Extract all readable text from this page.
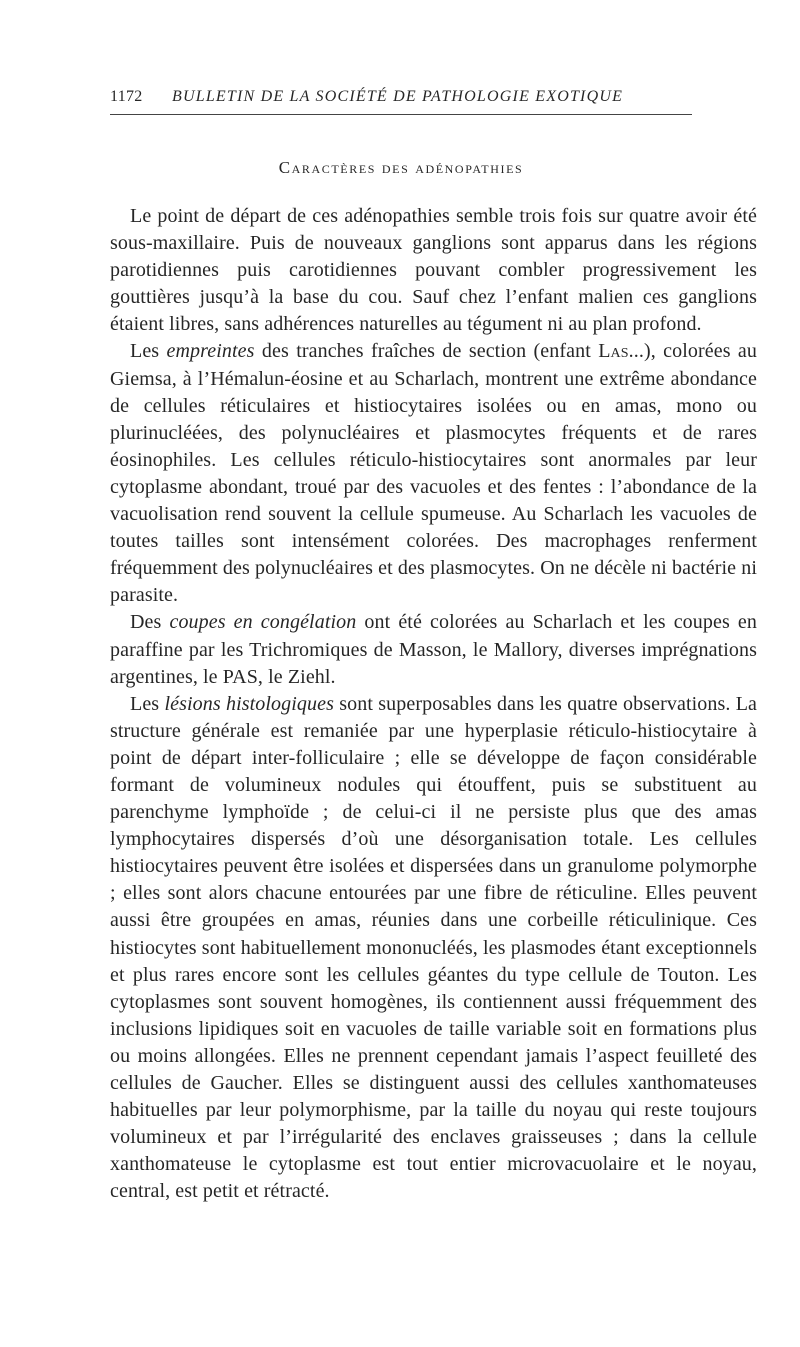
1172 BULLETIN DE LA SOCIÉTÉ DE PATHOLOGIE EXOTIQUE
Caractères des adénopathies

Le point de départ de ces adénopathies semble trois fois sur quatre avoir été sous-maxillaire. Puis de nouveaux ganglions sont apparus dans les régions parotidiennes puis carotidiennes pouvant combler progressivement les gouttières jusqu’à la base du cou. Sauf chez l’enfant malien ces ganglions étaient libres, sans adhérences naturelles au tégument ni au plan profond.

Les empreintes des tranches fraîches de section (enfant Las...), colorées au Giemsa, à l’Hémalun-éosine et au Scharlach, montrent une extrême abondance de cellules réticulaires et histiocytaires isolées ou en amas, mono ou plurinucléées, des polynucléaires et plasmocytes fréquents et de rares éosinophiles. Les cellules réticulo-histiocytaires sont anormales par leur cytoplasme abondant, troué par des vacuoles et des fentes : l’abondance de la vacuolisation rend souvent la cellule spumeuse. Au Scharlach les vacuoles de toutes tailles sont intensément colorées. Des macrophages renferment fréquemment des polynucléaires et des plasmocytes. On ne décèle ni bactérie ni parasite.

Des coupes en congélation ont été colorées au Scharlach et les coupes en paraffine par les Trichromiques de Masson, le Mallory, diverses imprégnations argentines, le PAS, le Ziehl.

Les lésions histologiques sont superposables dans les quatre observations. La structure générale est remaniée par une hyperplasie réticulo-histiocytaire à point de départ inter-folliculaire ; elle se développe de façon considérable formant de volumineux nodules qui étouffent, puis se substituent au parenchyme lymphoïde ; de celui-ci il ne persiste plus que des amas lymphocytaires dispersés d’où une désorganisation totale. Les cellules histiocytaires peuvent être isolées et dispersées dans un granulome polymorphe ; elles sont alors chacune entourées par une fibre de réticuline. Elles peuvent aussi être groupées en amas, réunies dans une corbeille réticulinique. Ces histiocytes sont habituellement mononucléés, les plasmodes étant exceptionnels et plus rares encore sont les cellules géantes du type cellule de Touton. Les cytoplasmes sont souvent homogènes, ils contiennent aussi fréquemment des inclusions lipidiques soit en vacuoles de taille variable soit en formations plus ou moins allongées. Elles ne prennent cependant jamais l’aspect feuilleté des cellules de Gaucher. Elles se distinguent aussi des cellules xanthomateuses habituelles par leur polymorphisme, par la taille du noyau qui reste toujours volumineux et par l’irrégularité des enclaves graisseuses ; dans la cellule xanthomateuse le cytoplasme est tout entier microvacuolaire et le noyau, central, est petit et rétracté.
